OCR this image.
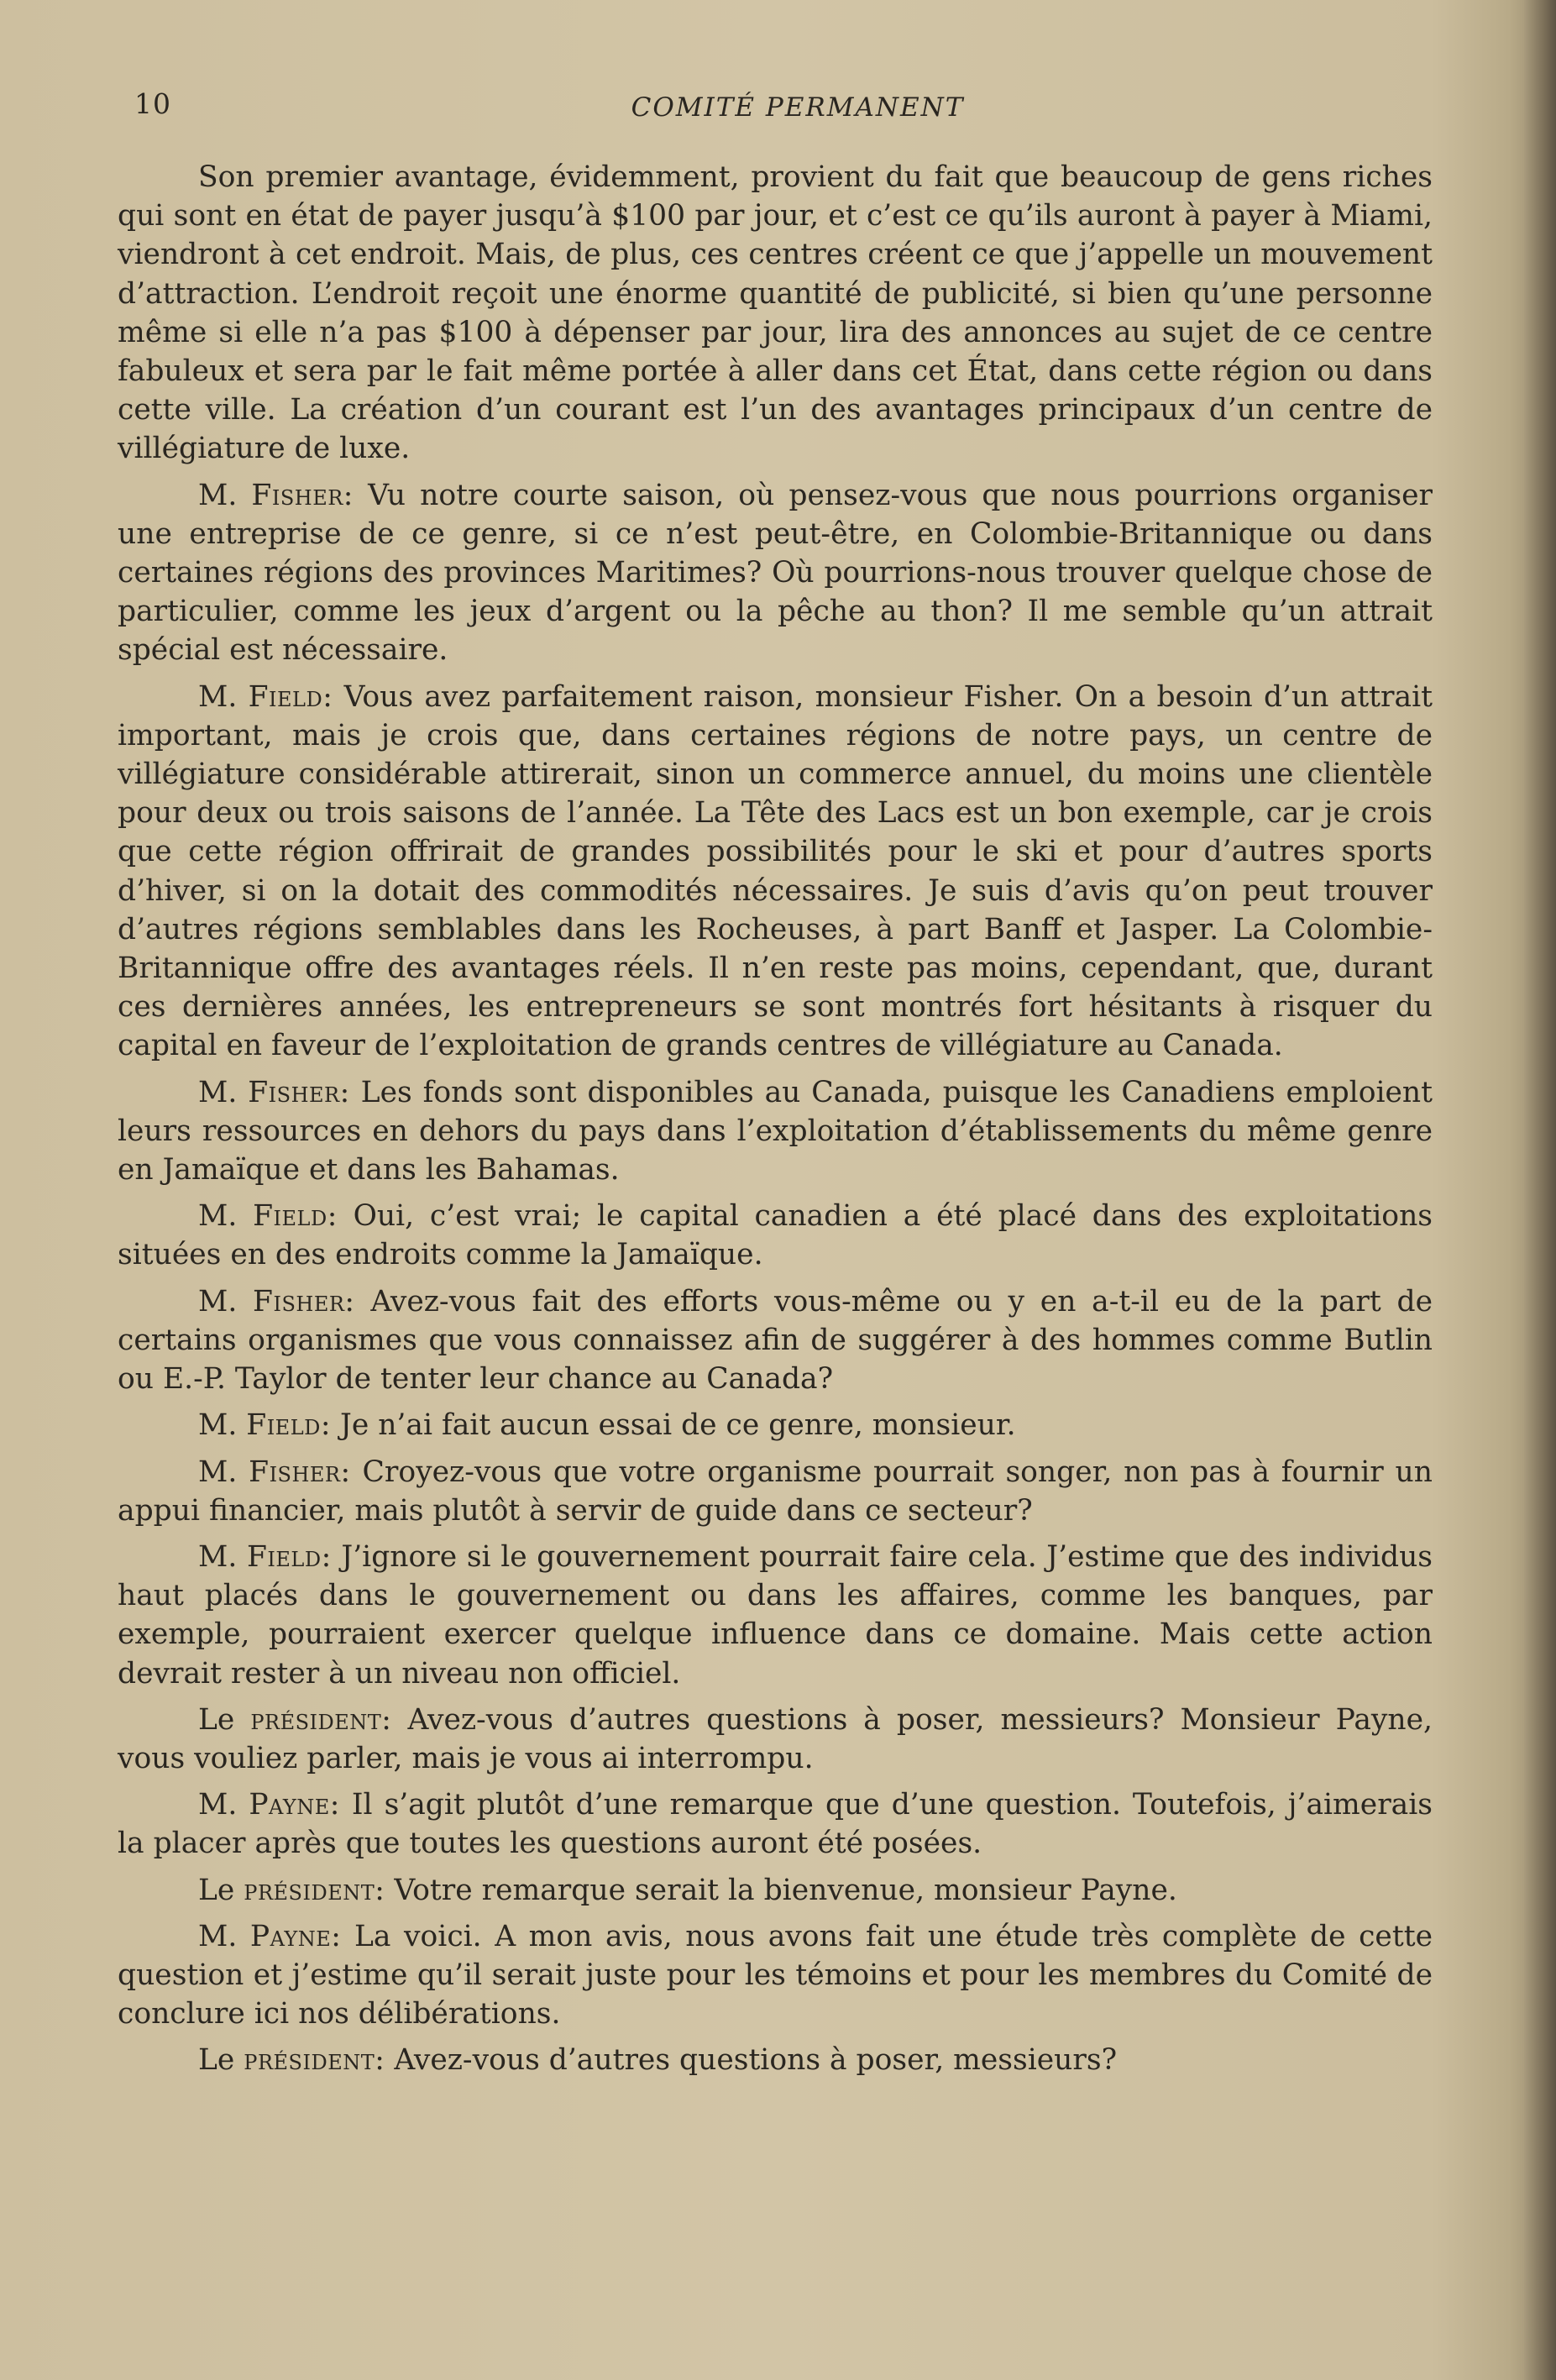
10	COMITÉ PERMANENT

Son premier avantage, évidemment, provient du fait que beaucoup de gens riches qui sont en état de payer jusqu’à $100 par jour, et c’est ce qu’ils auront à payer à Miami, viendront à cet endroit. Mais, de plus, ces centres créent ce que j’appelle un mouvement d’attraction. L’endroit reçoit une énorme quantité de publicité, si bien qu’une personne même si elle n’a pas $100 à dépenser par jour, lira des annonces au sujet de ce centre fabuleux et sera par le fait même portée à aller dans cet État, dans cette région ou dans cette ville. La création d’un courant est l’un des avantages principaux d’un centre de villégiature de luxe.

M. Fisher: Vu notre courte saison, où pensez-vous que nous pourrions organiser une entreprise de ce genre, si ce n’est peut-être, en Colombie-Britannique ou dans certaines régions des provinces Maritimes? Où pourrions-nous trouver quelque chose de particulier, comme les jeux d’argent ou la pêche au thon? Il me semble qu’un attrait spécial est nécessaire.

M. Field: Vous avez parfaitement raison, monsieur Fisher. On a besoin d’un attrait important, mais je crois que, dans certaines régions de notre pays, un centre de villégiature considérable attirerait, sinon un commerce annuel, du moins une clientèle pour deux ou trois saisons de l’année. La Tête des Lacs est un bon exemple, car je crois que cette région offrirait de grandes possibilités pour le ski et pour d’autres sports d’hiver, si on la dotait des commodités nécessaires. Je suis d’avis qu’on peut trouver d’autres régions semblables dans les Rocheuses, à part Banff et Jasper. La Colombie-Britannique offre des avantages réels. Il n’en reste pas moins, cependant, que, durant ces dernières années, les entrepreneurs se sont montrés fort hésitants à risquer du capital en faveur de l’exploitation de grands centres de villégiature au Canada.

M. Fisher: Les fonds sont disponibles au Canada, puisque les Canadiens emploient leurs ressources en dehors du pays dans l’exploitation d’établissements du même genre en Jamaïque et dans les Bahamas.

M. Field: Oui, c’est vrai; le capital canadien a été placé dans des exploitations situées en des endroits comme la Jamaïque.

M. Fisher: Avez-vous fait des efforts vous-même ou y en a-t-il eu de la part de certains organismes que vous connaissez afin de suggérer à des hommes comme Butlin ou E.-P. Taylor de tenter leur chance au Canada?

M. Field: Je n’ai fait aucun essai de ce genre, monsieur.

M. Fisher: Croyez-vous que votre organisme pourrait songer, non pas à fournir un appui financier, mais plutôt à servir de guide dans ce secteur?

M. Field: J’ignore si le gouvernement pourrait faire cela. J’estime que des individus haut placés dans le gouvernement ou dans les affaires, comme les banques, par exemple, pourraient exercer quelque influence dans ce domaine. Mais cette action devrait rester à un niveau non officiel.

Le président: Avez-vous d’autres questions à poser, messieurs? Monsieur Payne, vous vouliez parler, mais je vous ai interrompu.

M. Payne: Il s’agit plutôt d’une remarque que d’une question. Toutefois, j’aimerais la placer après que toutes les questions auront été posées.

Le président: Votre remarque serait la bienvenue, monsieur Payne.

M. Payne: La voici. A mon avis, nous avons fait une étude très complète de cette question et j’estime qu’il serait juste pour les témoins et pour les membres du Comité de conclure ici nos délibérations.

Le président: Avez-vous d’autres questions à poser, messieurs?
